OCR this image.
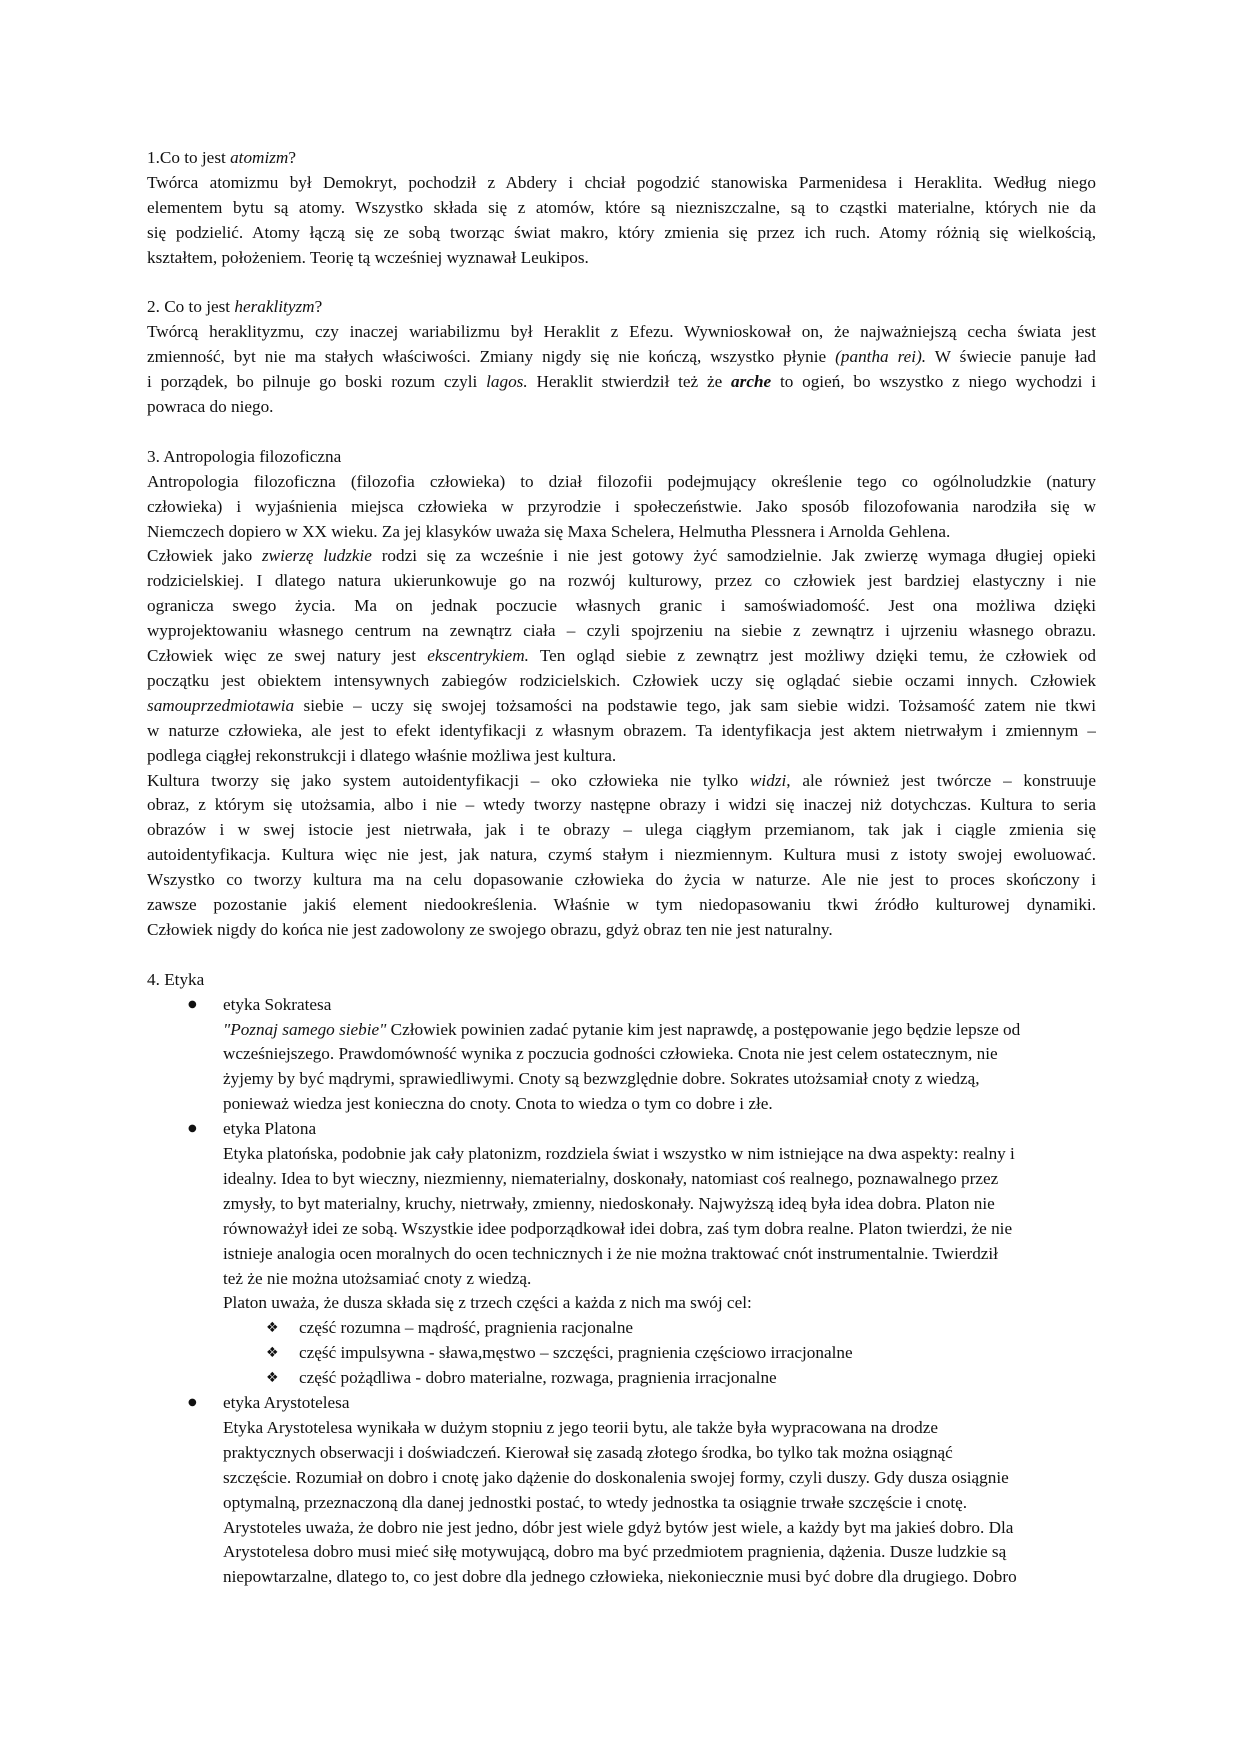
1.Co to jest atomizm?
Twórca atomizmu był Demokryt, pochodził z Abdery i chciał pogodzić stanowiska Parmenidesa i Heraklita. Według niego
elementem bytu są atomy. Wszystko składa się z atomów, które są niezniszczalne, są to cząstki materialne, których nie da
się podzielić. Atomy łączą się ze sobą tworząc świat makro, który zmienia się przez ich ruch. Atomy różnią się wielkością,
kształtem, położeniem. Teorię tą wcześniej wyznawał Leukipos.
2. Co to jest heraklityzm?
Twórcą heraklityzmu, czy inaczej wariabilizmu był Heraklit z Efezu. Wywnioskował on, że najważniejszą cecha świata jest
zmienność, byt nie ma stałych właściwości. Zmiany nigdy się nie kończą, wszystko płynie (pantha rei). W świecie panuje ład
i porządek, bo pilnuje go boski rozum czyli lagos. Heraklit stwierdził też że arche to ogień, bo wszystko z niego wychodzi i
powraca do niego.
3. Antropologia filozoficzna
Antropologia filozoficzna (filozofia człowieka) to dział filozofii podejmujący określenie tego co ogólnoludzkie (natury
człowieka) i wyjaśnienia miejsca człowieka w przyrodzie i społeczeństwie. Jako sposób filozofowania narodziła się w
Niemczech dopiero w XX wieku. Za jej klasyków uważa się Maxa Schelera, Helmutha Plessnera i Arnolda Gehlena.
Człowiek jako zwierzę ludzkie rodzi się za wcześnie i nie jest gotowy żyć samodzielnie. Jak zwierzę wymaga długiej opieki
rodzicielskiej. I dlatego natura ukierunkowuje go na rozwój kulturowy, przez co człowiek jest bardziej elastyczny i nie
ogranicza swego życia. Ma on jednak poczucie własnych granic i samoświadomość. Jest ona możliwa dzięki
wyprojektowaniu własnego centrum na zewnątrz ciała – czyli spojrzeniu na siebie z zewnątrz i ujrzeniu własnego obrazu.
Człowiek więc ze swej natury jest ekscentrykiem. Ten ogląd siebie z zewnątrz jest możliwy dzięki temu, że człowiek od
początku jest obiektem intensywnych zabiegów rodzicielskich. Człowiek uczy się oglądać siebie oczami innych. Człowiek
samouprzedmiotawia siebie – uczy się swojej tożsamości na podstawie tego, jak sam siebie widzi. Tożsamość zatem nie tkwi
w naturze człowieka, ale jest to efekt identyfikacji z własnym obrazem. Ta identyfikacja jest aktem nietrwałym i zmiennym –
podlega ciągłej rekonstrukcji i dlatego właśnie możliwa jest kultura.
Kultura tworzy się jako system autoidentyfikacji – oko człowieka nie tylko widzi, ale również jest twórcze – konstruuje
obraz, z którym się utożsamia, albo i nie – wtedy tworzy następne obrazy i widzi się inaczej niż dotychczas. Kultura to seria
obrazów i w swej istocie jest nietrwała, jak i te obrazy – ulega ciągłym przemianom, tak jak i ciągle zmienia się
autoidentyfikacja. Kultura więc nie jest, jak natura, czymś stałym i niezmiennym. Kultura musi z istoty swojej ewoluować.
Wszystko co tworzy kultura ma na celu dopasowanie człowieka do życia w naturze. Ale nie jest to proces skończony i
zawsze pozostanie jakiś element niedookreślenia. Właśnie w tym niedopasowaniu tkwi źródło kulturowej dynamiki.
Człowiek nigdy do końca nie jest zadowolony ze swojego obrazu, gdyż obraz ten nie jest naturalny.
4. Etyka
● etyka Sokratesa
"Poznaj samego siebie" Człowiek powinien zadać pytanie kim jest naprawdę, a postępowanie jego będzie lepsze od
wcześniejszego. Prawdomówność wynika z poczucia godności człowieka. Cnota nie jest celem ostatecznym, nie
żyjemy by być mądrymi, sprawiedliwymi. Cnoty są bezwzględnie dobre. Sokrates utożsamiał cnoty z wiedzą,
ponieważ wiedza jest konieczna do cnoty. Cnota to wiedza o tym co dobre i złe.
● etyka Platona
Etyka platońska, podobnie jak cały platonizm, rozdziela świat i wszystko w nim istniejące na dwa aspekty: realny i
idealny. Idea to byt wieczny, niezmienny, niematerialny, doskonały, natomiast coś realnego, poznawalnego przez
zmysły, to byt materialny, kruchy, nietrwały, zmienny, niedoskonały. Najwyższą ideą była idea dobra. Platon nie
równoważył idei ze sobą. Wszystkie idee podporządkował idei dobra, zaś tym dobra realne. Platon twierdzi, że nie
istnieje analogia ocen moralnych do ocen technicznych i że nie można traktować cnót instrumentalnie. Twierdził
też że nie można utożsamiać cnoty z wiedzą.
Platon uważa, że dusza składa się z trzech części a każda z nich ma swój cel:
❖ część rozumna – mądrość, pragnienia racjonalne
❖ część impulsywna - sława,męstwo – szczęści, pragnienia częściowo irracjonalne
❖ część pożądliwa - dobro materialne, rozwaga, pragnienia irracjonalne
● etyka Arystotelesa
Etyka Arystotelesa wynikała w dużym stopniu z jego teorii bytu, ale także była wypracowana na drodze
praktycznych obserwacji i doświadczeń. Kierował się zasadą złotego środka, bo tylko tak można osiągnąć
szczęście. Rozumiał on dobro i cnotę jako dążenie do doskonalenia swojej formy, czyli duszy. Gdy dusza osiągnie
optymalną, przeznaczoną dla danej jednostki postać, to wtedy jednostka ta osiągnie trwałe szczęście i cnotę.
Arystoteles uważa, że dobro nie jest jedno, dóbr jest wiele gdyż bytów jest wiele, a każdy byt ma jakieś dobro. Dla
Arystotelesa dobro musi mieć siłę motywującą, dobro ma być przedmiotem pragnienia, dążenia. Dusze ludzkie są
niepowtarzalne, dlatego to, co jest dobre dla jednego człowieka, niekoniecznie musi być dobre dla drugiego. Dobro
